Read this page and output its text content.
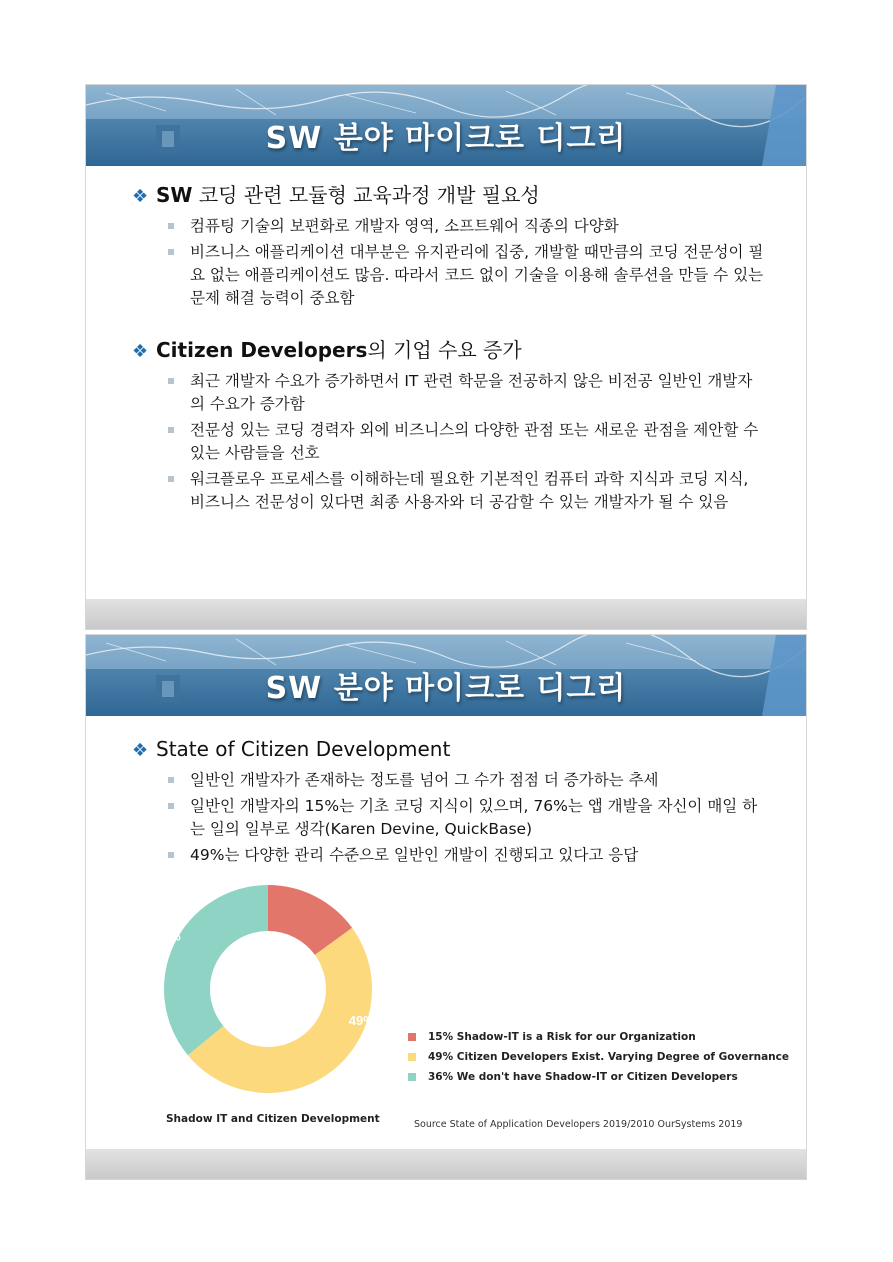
SW 분야 마이크로 디그리
❖ SW 코딩 관련 모듈형 교육과정 개발 필요성
컴퓨팅 기술의 보편화로 개발자 영역, 소프트웨어 직종의 다양화
비즈니스 애플리케이션 대부분은 유지관리에 집중, 개발할 때만큼의 코딩 전문성이 필요 없는 애플리케이션도 많음. 따라서 코드 없이 기술을 이용해 솔루션을 만들 수 있는 문제 해결 능력이 중요함
❖ Citizen Developers의 기업 수요 증가
최근 개발자 수요가 증가하면서 IT 관련 학문을 전공하지 않은 비전공 일반인 개발자의 수요가 증가함
전문성 있는 코딩 경력자 외에 비즈니스의 다양한 관점 또는 새로운 관점을 제안할 수 있는 사람들을 선호
워크플로우 프로세스를 이해하는데 필요한 기본적인 컴퓨터 과학 지식과 코딩 지식, 비즈니스 전문성이 있다면 최종 사용자와 더 공감할 수 있는 개발자가 될 수 있음
SW 분야 마이크로 디그리
❖ State of Citizen Development
일반인 개발자가 존재하는 정도를 넘어 그 수가 점점 더 증가하는 추세
일반인 개발자의 15%는 기초 코딩 지식이 있으며, 76%는 앱 개발을 자신이 매일 하는 일의 일부로 생각(Karen Devine, QuickBase)
49%는 다양한 관리 수준으로 일반인 개발이 진행되고 있다고 응답
15%
49%
36%
15% Shadow-IT is a Risk for our Organization
49% Citizen Developers Exist. Varying Degree of Governance
36% We don't have Shadow-IT or Citizen Developers
Shadow IT and Citizen Development	Source State of Application Developers 2019/2010 OurSystems 2019
